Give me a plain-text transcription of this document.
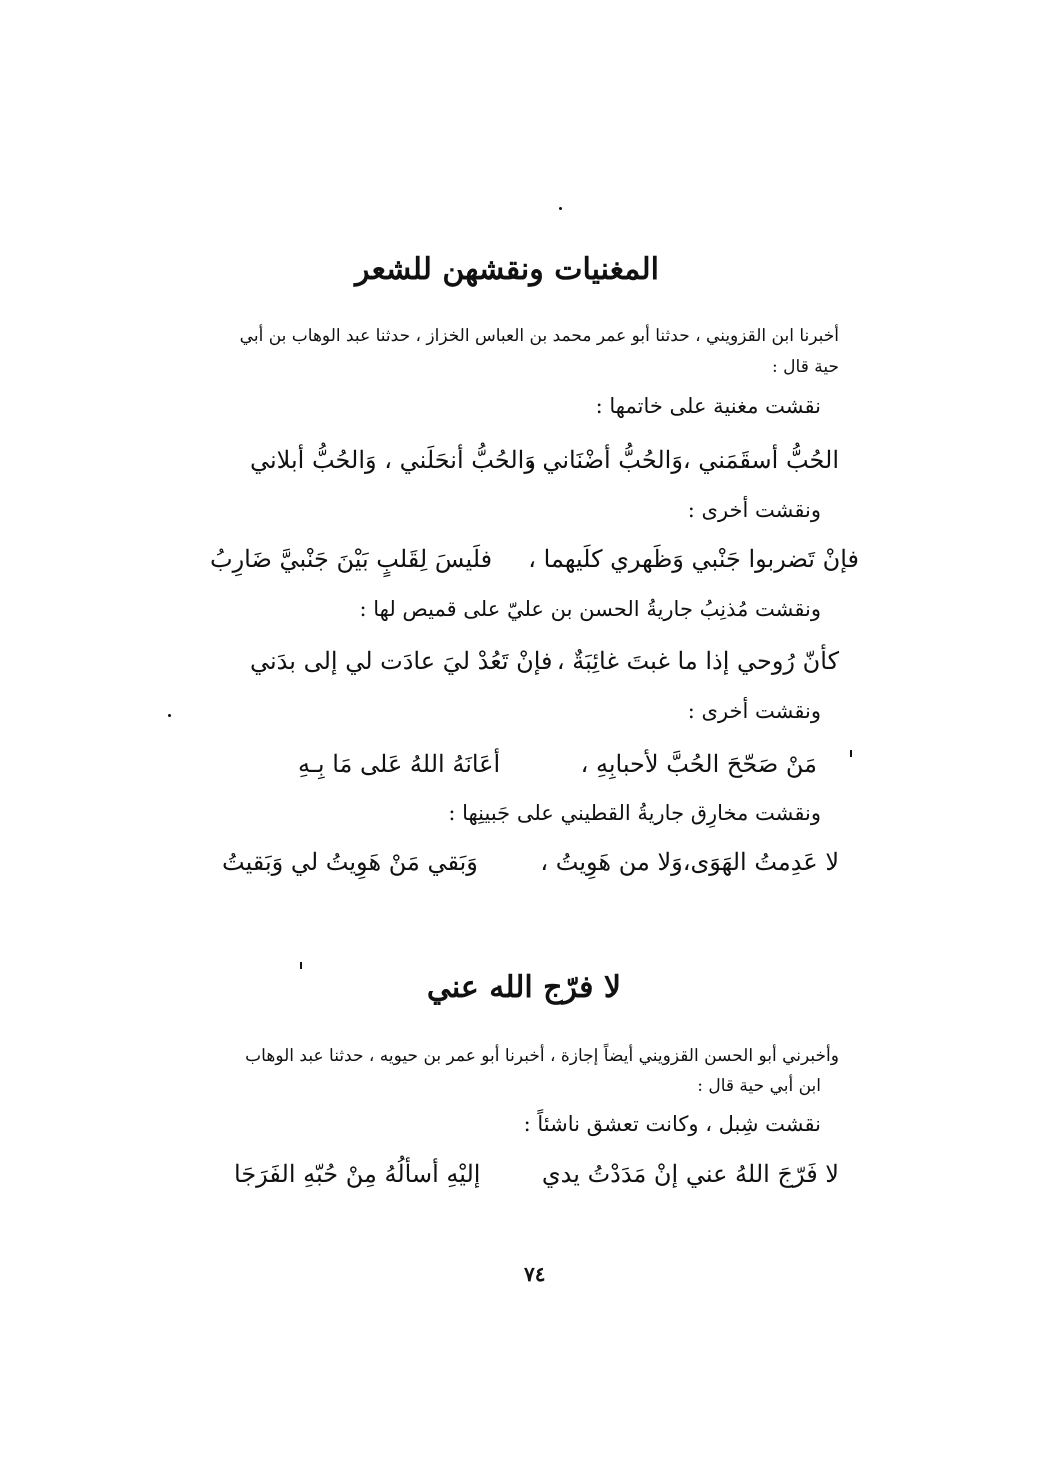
المغنيات ونقشهن للشعر
أخبرنا ابن القزويني ، حدثنا أبو عمر محمد بن العباس الخزاز ، حدثنا عبد الوهاب بن أبي
حية قال :
نقشت مغنية على خاتمها :
الحُبُّ أسقَمَني ،وَالحُبُّ أضْنَاني ،
وَالحُبُّ أنحَلَني ، وَالحُبُّ أبلاني
ونقشت أخرى :
فإنْ تَضربوا جَنْبي وَظَهري كلَيهما ،
فلَيسَ لِقَلبٍ بَيْنَ جَنْبيَّ ضَارِبُ
ونقشت مُذنِبُ جاريةُ الحسن بن عليّ على قميص لها :
كأنّ رُوحي إذا ما غبتَ غائِبَةٌ ،
فإنْ تَعُدْ ليَ عادَت لي إلى بدَني
ونقشت أخرى :
مَنْ صَحّحَ الحُبَّ لأحبابِهِ ،
أعَانَهُ اللهُ عَلى مَا بِـهِ
ونقشت مخارِق جاريةُ القطيني على جَبينِها :
لا عَدِمتُ الهَوَى،وَلا من هَوِيتُ ،
وَبَقي مَنْ هَوِيتُ لي وَبَقيتُ
لا فرّج الله عني
وأخبرني أبو الحسن القزويني أيضاً إجازة ، أخبرنا أبو عمر بن حيويه ، حدثنا عبد الوهاب
ابن أبي حية قال :
نقشت شِبل ، وكانت تعشق ناشئاً :
لا فَرّجَ اللهُ عني إنْ مَدَدْتُ يدي
إليْهِ أسألُهُ مِنْ حُبّهِ الفَرَجَا
٧٤
